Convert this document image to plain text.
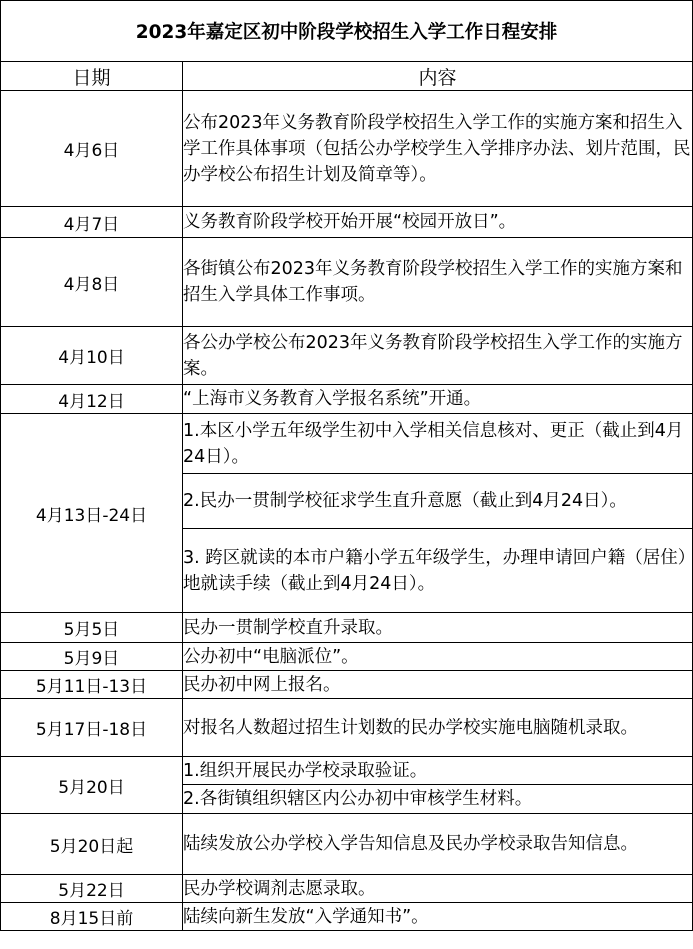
2023年嘉定区初中阶段学校招生入学工作日程安排	
日期	内容
4月6日	公布2023年义务教育阶段学校招生入学工作的实施方案和招生入学工作具体事项（包括公办学校学生入学排序办法、划片范围，民办学校公布招生计划及简章等）。
4月7日	义务教育阶段学校开始开展“校园开放日”。
4月8日	各街镇公布2023年义务教育阶段学校招生入学工作的实施方案和招生入学具体工作事项。
4月10日	各公办学校公布2023年义务教育阶段学校招生入学工作的实施方案。
4月12日	“上海市义务教育入学报名系统”开通。
4月13日-24日	1.本区小学五年级学生初中入学相关信息核对、更正（截止到4月24日）。
	2.民办一贯制学校征求学生直升意愿（截止到4月24日）。
	3. 跨区就读的本市户籍小学五年级学生，办理申请回户籍（居住）地就读手续（截止到4月24日）。
5月5日	民办一贯制学校直升录取。
5月9日	公办初中“电脑派位”。
5月11日-13日	民办初中网上报名。
5月17日-18日	对报名人数超过招生计划数的民办学校实施电脑随机录取。
5月20日	1.组织开展民办学校录取验证。
	2.各街镇组织辖区内公办初中审核学生材料。
5月20日起	陆续发放公办学校入学告知信息及民办学校录取告知信息。
5月22日	民办学校调剂志愿录取。
8月15日前	陆续向新生发放“入学通知书”。
